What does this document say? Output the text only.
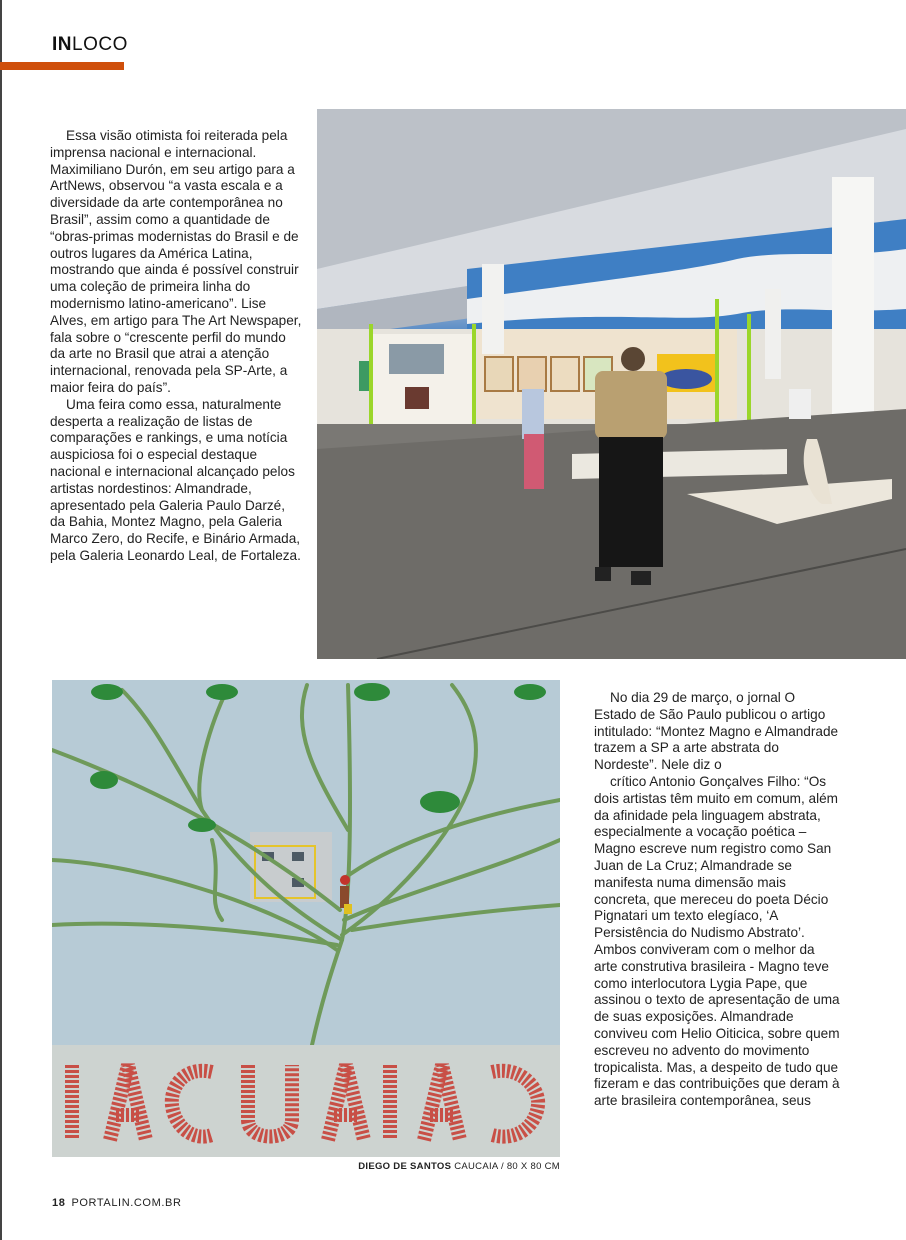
INLOCO

Essa visão otimista foi reiterada pela imprensa nacional e internacional. Maximiliano Durón, em seu artigo para a ArtNews, observou “a vasta escala e a diversidade da arte contemporânea no Brasil”, assim como a quantidade de “obras-primas modernistas do Brasil e de outros lugares da América Latina, mostrando que ainda é possível construir uma coleção de primeira linha do modernismo latino-americano”. Lise Alves, em artigo para The Art Newspaper, fala sobre o “crescente perfil do mundo da arte no Brasil que atrai a atenção internacional, renovada pela SP-Arte, a maior feira do país”.

Uma feira como essa, naturalmente desperta a realização de listas de comparações e rankings, e uma notícia auspiciosa foi o especial destaque nacional e internacional alcançado pelos artistas nordestinos: Almandrade, apresentado pela Galeria Paulo Darzé, da Bahia, Montez Magno, pela Galeria Marco Zero, do Recife, e Binário Armada, pela Galeria Leonardo Leal, de Fortaleza.

DIEGO DE SANTOS CAUCAIA / 80 X 80 CM

No dia 29 de março, o jornal O Estado de São Paulo publicou o artigo intitulado: “Montez Magno e Almandrade trazem a SP a arte abstrata do Nordeste”. Nele diz o

crítico Antonio Gonçalves Filho: “Os dois artistas têm muito em comum, além da afinidade pela linguagem abstrata, especialmente a vocação poética – Magno escreve num registro como San Juan de La Cruz; Almandrade se manifesta numa dimensão mais concreta, que mereceu do poeta Décio Pignatari um texto elegíaco, ‘A Persistência do Nudismo Abstrato’. Ambos conviveram com o melhor da arte construtiva brasileira - Magno teve como interlocutora Lygia Pape, que assinou o texto de apresentação de uma de suas exposições. Almandrade conviveu com Helio Oiticica, sobre quem escreveu no advento do movimento tropicalista. Mas, a despeito de tudo que fizeram e das contribuições que deram à arte brasileira contemporânea, seus

18 PORTALIN.COM.BR
